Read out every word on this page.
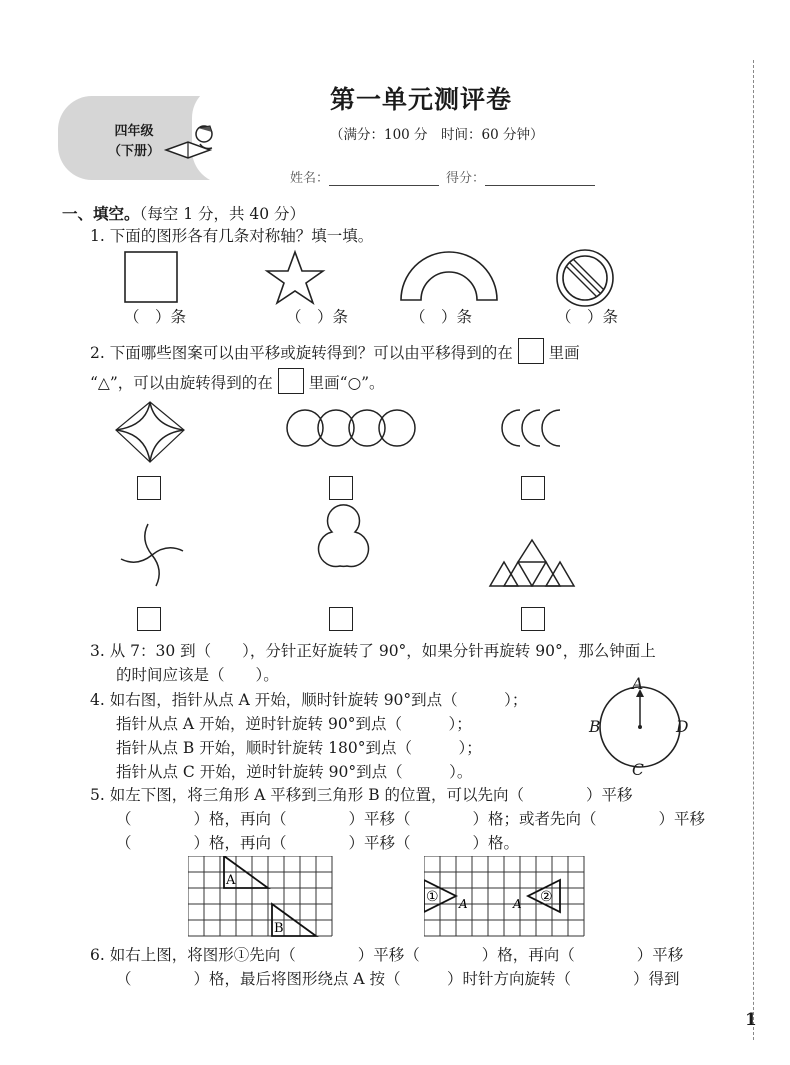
四年级
（下册）
第一单元测评卷
（满分：100 分　时间：60 分钟）
姓名：	得分：
一、填空。（每空 1 分，共 40 分）
1. 下面的图形各有几条对称轴？填一填。
（　）条	（　）条	（　）条	（　）条
2. 下面哪些图案可以由平移或旋转得到？可以由平移得到的在 里画
“△”，可以由旋转得到的在 里画“○”。
3. 从 7：30 到（　　），分针正好旋转了 90°，如果分针再旋转 90°，那么钟面上
的时间应该是（　　）。
4. 如右图，指针从点 A 开始，顺时针旋转 90°到点（　　　）；
指针从点 A 开始，逆时针旋转 90°到点（　　　）；
指针从点 B 开始，顺时针旋转 180°到点（　　　）；
指针从点 C 开始，逆时针旋转 90°到点（　　　）。
A
B
C
D
5. 如左下图，将三角形 A 平移到三角形 B 的位置，可以先向（　　　　）平移
（　　　　）格，再向（　　　　）平移（　　　　）格；或者先向（　　　　）平移
（　　　　）格，再向（　　　　）平移（　　　　）格。
A
B
① A	A ②
6. 如右上图，将图形①先向（　　　　）平移（　　　　）格，再向（　　　　）平移
（　　　　）格，最后将图形绕点 A 按（　　　）时针方向旋转（　　　　）得到
1
